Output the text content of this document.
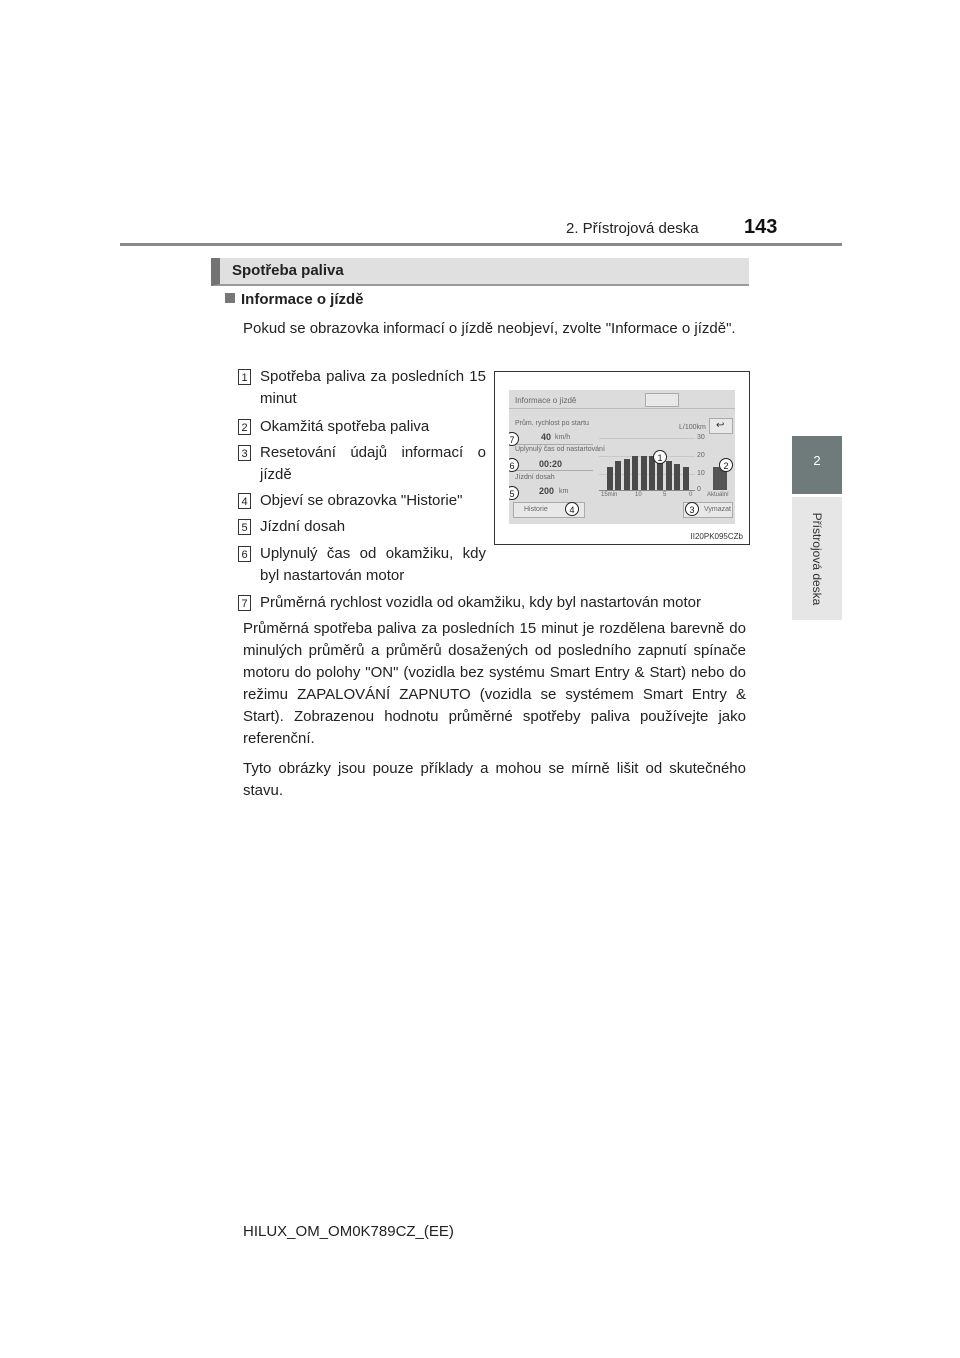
2. Přístrojová deska 143
2
Přístrojová deska
Spotřeba paliva
Informace o jízdě
Pokud se obrazovka informací o jízdě neobjeví, zvolte "Informace o jízdě".
1 Spotřeba paliva za posledních 15 minut
2 Okamžitá spotřeba paliva
3 Resetování údajů informací o jízdě
4 Objeví se obrazovka "Historie"
5 Jízdní dosah
6 Uplynulý čas od okamžiku, kdy byl nastartován motor
7 Průměrná rychlost vozidla od okamžiku, kdy byl nastartován motor
Informace o jízdě
Prům. rychlost po startu
40 km/h
Uplynulý čas od nastartování
00:20
Jízdní dosah
200 km
Historie	Vymazat
↩
L/100km
30
20
10
0
15min	10	5	0 Aktuální
1
2
3
4
5
6
7
II20PK095CZb
Průměrná spotřeba paliva za posledních 15 minut je rozdělena barevně do minulých průměrů a průměrů dosažených od posledního zapnutí spínače motoru do polohy "ON" (vozidla bez systému Smart Entry & Start) nebo do režimu ZAPALOVÁNÍ ZAPNUTO (vozidla se systémem Smart Entry & Start). Zobrazenou hodnotu průměrné spotřeby paliva používejte jako referenční.
Tyto obrázky jsou pouze příklady a mohou se mírně lišit od skutečného stavu.
HILUX_OM_OM0K789CZ_(EE)
